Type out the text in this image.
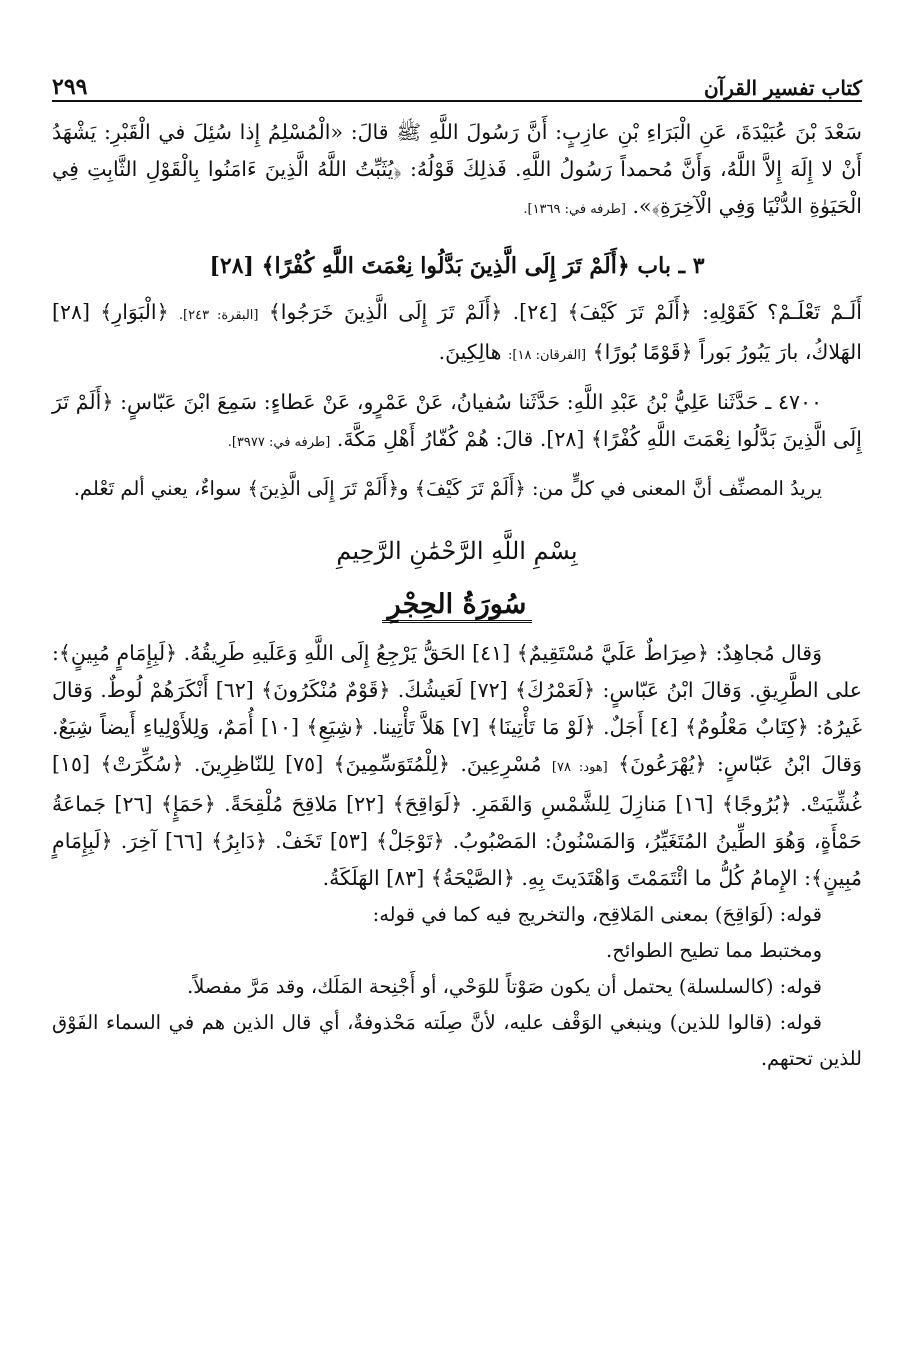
كتاب تفسير القرآن
٢٩٩

سَعْدَ بْنَ عُبَيْدَةَ، عَنِ الْبَرَاءِ بْنِ عازِبٍ: أَنَّ رَسُولَ اللَّهِ ﷺ قالَ: «الْمُسْلِمُ إِذا سُئِلَ في الْقَبْرِ: يَشْهَدُ أَنْ لا إِلَهَ إِلاَّ اللَّهُ، وَأَنَّ مُحمداً رَسُولُ اللَّهِ. فَذلِكَ قَوْلُهُ: ﴿يُثَبِّتُ اللَّهُ الَّذِينَ ءَامَنُوا بِالْقَوْلِ الثَّابِتِ فِي الْحَيَوٰةِ الدُّنْيَا وَفِي الْآخِرَةِ﴾». [طرفه في: ١٣٦٩].

٣ ـ باب ﴿أَلَمْ تَرَ إِلَى الَّذِينَ بَدَّلُوا نِعْمَتَ اللَّهِ كُفْرًا﴾ [٢٨]

أَلَـمْ تَعْلَـمْ؟ كَقَوْلِهِ: ﴿أَلَمْ تَرَ كَيْفَ﴾ [٢٤]. ﴿أَلَمْ تَرَ إِلَى الَّذِينَ خَرَجُوا﴾ [البقرة: ٢٤٣]. ﴿الْبَوَارِ﴾ [٢٨] الهَلاكُ، بارَ يَبُورُ بَوراً ﴿قَوْمًا بُورًا﴾ [الفرقان: ١٨]: هالِكِينَ.

٤٧٠٠ ـ حَدَّثَنا عَلِيُّ بْنُ عَبْدِ اللَّهِ: حَدَّثَنا سُفيانُ، عَنْ عَمْرٍو، عَنْ عَطاءٍ: سَمِعَ ابْنَ عَبّاسٍ: ﴿أَلَمْ تَرَ إِلَى الَّذِينَ بَدَّلُوا نِعْمَتَ اللَّهِ كُفْرًا﴾ [٢٨]. قالَ: هُمْ كُفّارُ أَهْلِ مَكَّةَ. [طرفه في: ٣٩٧٧].

يريدُ المصنِّف أنَّ المعنى في كلٍّ من: ﴿أَلَمْ تَرَ كَيْفَ﴾ و﴿أَلَمْ تَرَ إِلَى الَّذِينَ﴾ سواءٌ، يعني ألم تَعْلم.

بِسْمِ اللَّهِ الرَّحْمَٰنِ الرَّحِيمِ
سُورَةُ الحِجْرِ

وَقال مُجاهِدٌ: ﴿صِرَاطٌ عَلَيَّ مُسْتَقِيمٌ﴾ [٤١] الحَقُّ يَرْجِعُ إِلَى اللَّهِ وَعَلَيهِ طَرِيقُهُ. ﴿لَبِإِمَامٍ مُبِينٍ﴾: على الطَّرِيقِ. وَقالَ ابْنُ عَبّاسٍ: ﴿لَعَمْرُكَ﴾ [٧٢] لَعَيشُكَ. ﴿قَوْمٌ مُنْكَرُونَ﴾ [٦٢] أَنْكَرَهُمْ لُوطٌ. وَقالَ غَيرُهُ: ﴿كِتَابٌ مَعْلُومٌ﴾ [٤] أَجَلٌ. ﴿لَوْ مَا تَأْتِينَا﴾ [٧] هَلاَّ تَأْتِينا. ﴿شِيَعِ﴾ [١٠] أُمَمٌ، وَلِلأَوْلِياءِ أَيضاً شِيَعٌ. وَقالَ ابْنُ عَبّاسٍ: ﴿يُهْرَعُونَ﴾ [هود: ٧٨] مُسْرِعِينَ. ﴿لِلْمُتَوَسِّمِينَ﴾ [٧٥] لِلنّاظِرِينَ. ﴿سُكِّرَتْ﴾ [١٥] غُشِّيَتْ. ﴿بُرُوجًا﴾ [١٦] مَنازِلَ لِلشَّمْسِ وَالقَمَرِ. ﴿لَوَاقِحَ﴾ [٢٢] مَلاقِحَ مُلْقِحَةً. ﴿حَمَإٍ﴾ [٢٦] جَماعَةُ حَمْأَةٍ، وَهُوَ الطِّينُ المُتَغَيِّرُ، وَالمَسْنُونُ: المَصْبُوبُ. ﴿تَوْجَلْ﴾ [٥٣] تَخَفْ. ﴿دَابِرُ﴾ [٦٦] آخِرَ. ﴿لَبِإِمَامٍ مُبِينٍ﴾: الإِمامُ كُلُّ ما ائْتَمَمْتَ وَاهْتَدَيتَ بِهِ. ﴿الصَّيْحَةُ﴾ [٨٣] الهَلَكَةُ.

قوله: (لَوَاقِحَ) بمعنى المَلاقِح، والتخريج فيه كما في قوله:

ومختبط مما تطيح الطوائح.

قوله: (كالسلسلة) يحتمل أن يكون صَوْتاً للوَحْي، أو أَجْنِحة المَلَك، وقد مَرَّ مفصلاً.

قوله: (قالوا للذين) وينبغي الوَقْف عليه، لأنَّ صِلَته مَحْذوفةٌ، أي قال الذين هم في السماء الفَوْق للذين تحتهم.
